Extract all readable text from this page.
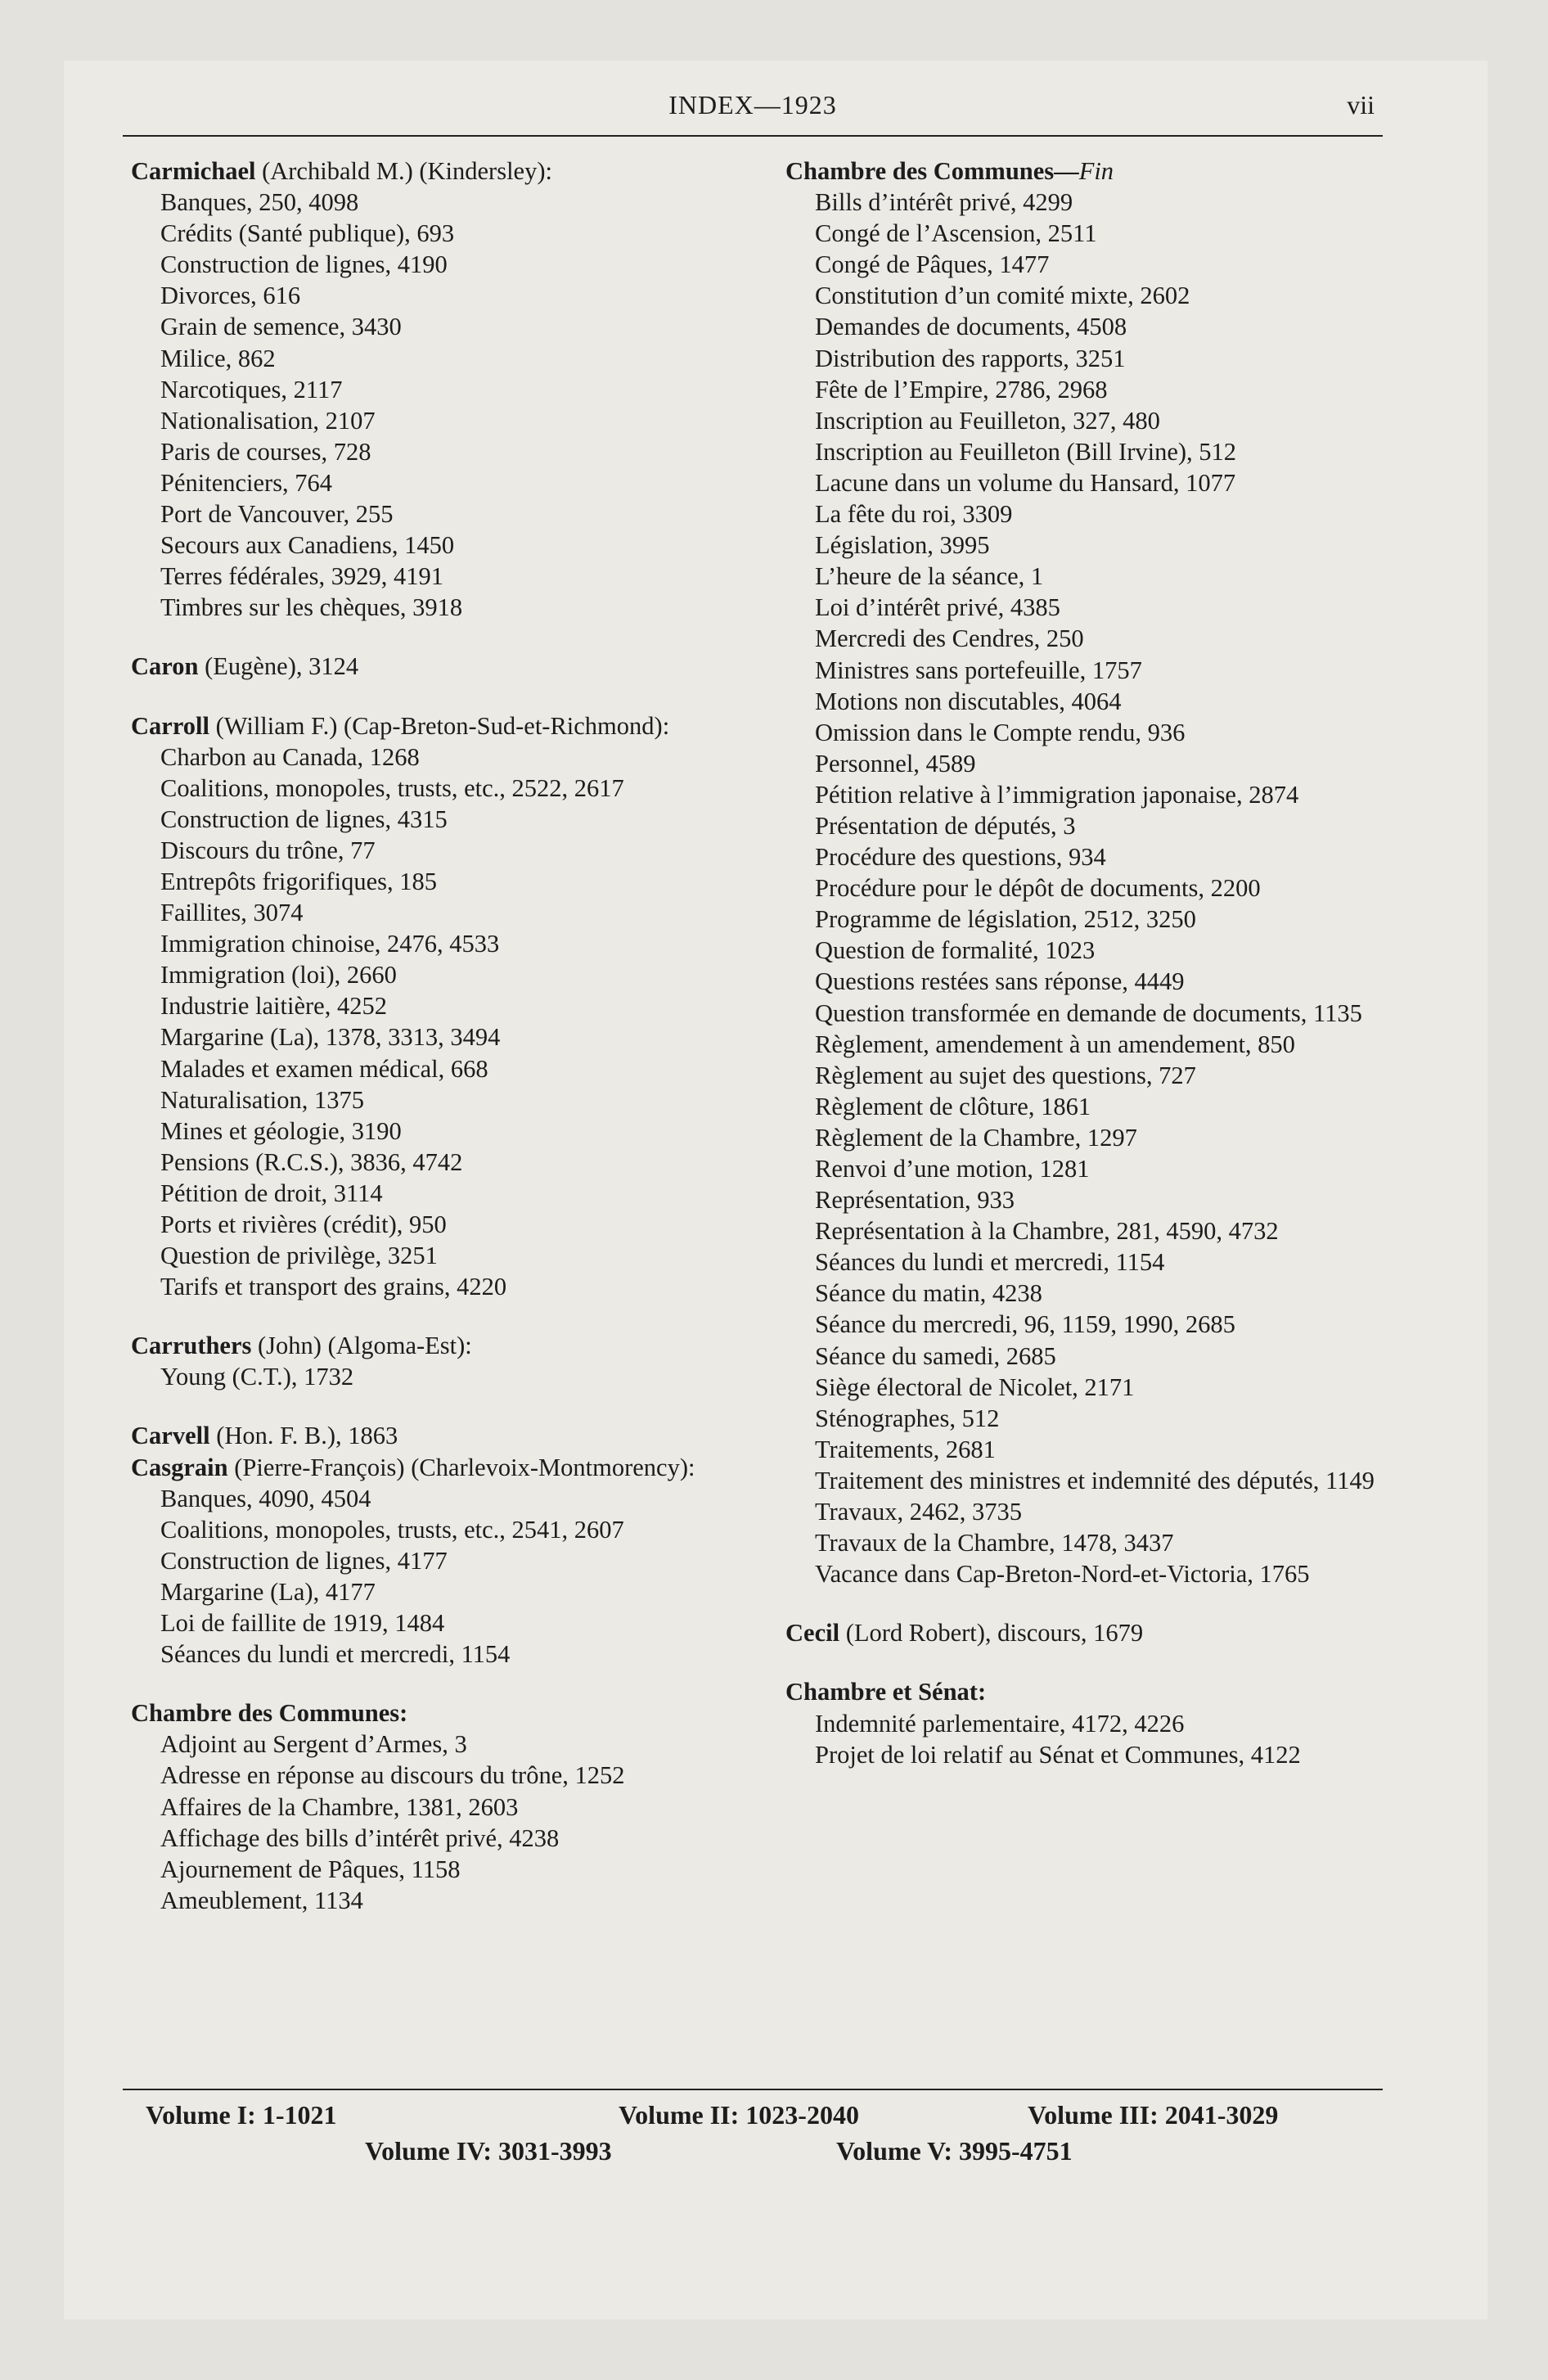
INDEX—1923	vii
Carmichael (Archibald M.) (Kindersley):
Banques, 250, 4098
Crédits (Santé publique), 693
Construction de lignes, 4190
Divorces, 616
Grain de semence, 3430
Milice, 862
Narcotiques, 2117
Nationalisation, 2107
Paris de courses, 728
Pénitenciers, 764
Port de Vancouver, 255
Secours aux Canadiens, 1450
Terres fédérales, 3929, 4191
Timbres sur les chèques, 3918
Caron (Eugène), 3124
Carroll (William F.) (Cap-Breton-Sud-et-Richmond):
Charbon au Canada, 1268
Coalitions, monopoles, trusts, etc., 2522, 2617
Construction de lignes, 4315
Discours du trône, 77
Entrepôts frigorifiques, 185
Faillites, 3074
Immigration chinoise, 2476, 4533
Immigration (loi), 2660
Industrie laitière, 4252
Margarine (La), 1378, 3313, 3494
Malades et examen médical, 668
Naturalisation, 1375
Mines et géologie, 3190
Pensions (R.C.S.), 3836, 4742
Pétition de droit, 3114
Ports et rivières (crédit), 950
Question de privilège, 3251
Tarifs et transport des grains, 4220
Carruthers (John) (Algoma-Est):
Young (C.T.), 1732
Carvell (Hon. F. B.), 1863
Casgrain (Pierre-François) (Charlevoix-Montmorency):
Banques, 4090, 4504
Coalitions, monopoles, trusts, etc., 2541, 2607
Construction de lignes, 4177
Margarine (La), 4177
Loi de faillite de 1919, 1484
Séances du lundi et mercredi, 1154
Chambre des Communes:
Adjoint au Sergent d’Armes, 3
Adresse en réponse au discours du trône, 1252
Affaires de la Chambre, 1381, 2603
Affichage des bills d’intérêt privé, 4238
Ajournement de Pâques, 1158
Ameublement, 1134
Chambre des Communes—Fin
Bills d’intérêt privé, 4299
Congé de l’Ascension, 2511
Congé de Pâques, 1477
Constitution d’un comité mixte, 2602
Demandes de documents, 4508
Distribution des rapports, 3251
Fête de l’Empire, 2786, 2968
Inscription au Feuilleton, 327, 480
Inscription au Feuilleton (Bill Irvine), 512
Lacune dans un volume du Hansard, 1077
La fête du roi, 3309
Législation, 3995
L’heure de la séance, 1
Loi d’intérêt privé, 4385
Mercredi des Cendres, 250
Ministres sans portefeuille, 1757
Motions non discutables, 4064
Omission dans le Compte rendu, 936
Personnel, 4589
Pétition relative à l’immigration japonaise, 2874
Présentation de députés, 3
Procédure des questions, 934
Procédure pour le dépôt de documents, 2200
Programme de législation, 2512, 3250
Question de formalité, 1023
Questions restées sans réponse, 4449
Question transformée en demande de documents, 1135
Règlement, amendement à un amendement, 850
Règlement au sujet des questions, 727
Règlement de clôture, 1861
Règlement de la Chambre, 1297
Renvoi d’une motion, 1281
Représentation, 933
Représentation à la Chambre, 281, 4590, 4732
Séances du lundi et mercredi, 1154
Séance du matin, 4238
Séance du mercredi, 96, 1159, 1990, 2685
Séance du samedi, 2685
Siège électoral de Nicolet, 2171
Sténographes, 512
Traitements, 2681
Traitement des ministres et indemnité des députés, 1149
Travaux, 2462, 3735
Travaux de la Chambre, 1478, 3437
Vacance dans Cap-Breton-Nord-et-Victoria, 1765
Cecil (Lord Robert), discours, 1679
Chambre et Sénat:
Indemnité parlementaire, 4172, 4226
Projet de loi relatif au Sénat et Communes, 4122
Volume I: 1-1021	Volume II: 1023-2040	Volume III: 2041-3029
Volume IV: 3031-3993	Volume V: 3995-4751
